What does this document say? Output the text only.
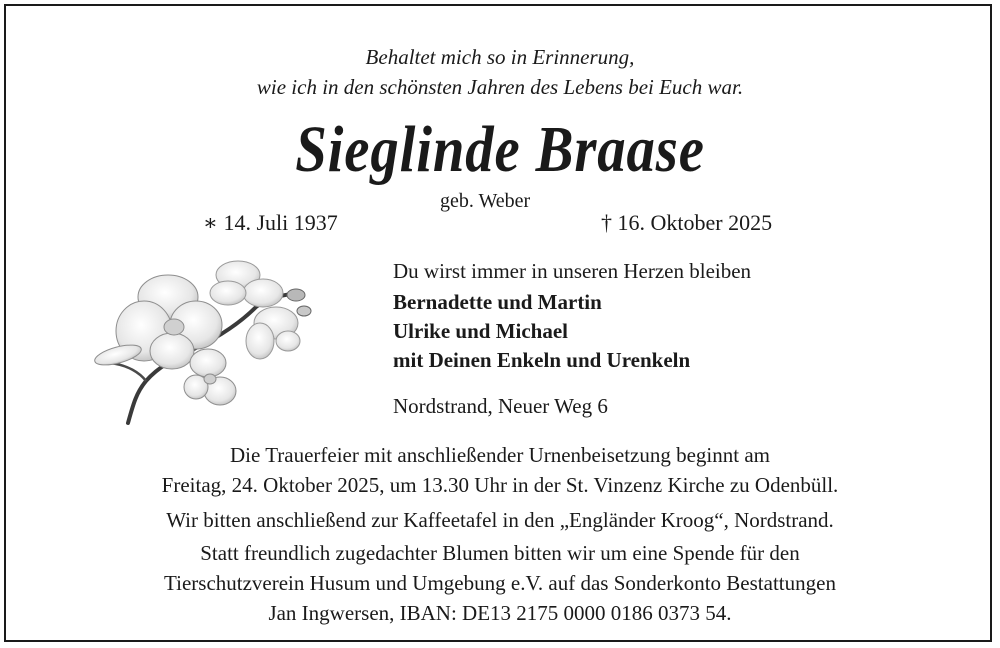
Behaltet mich so in Erinnerung,
wie ich in den schönsten Jahren des Lebens bei Euch war.
Sieglinde Braase
geb. Weber
∗ 14. Juli 1937	† 16. Oktober 2025
Du wirst immer in unseren Herzen bleiben
Bernadette und Martin
Ulrike und Michael
mit Deinen Enkeln und Urenkeln
Nordstrand, Neuer Weg 6
Die Trauerfeier mit anschließender Urnenbeisetzung beginnt am
Freitag, 24. Oktober 2025, um 13.30 Uhr in der St. Vinzenz Kirche zu Odenbüll.
Wir bitten anschließend zur Kaffeetafel in den „Engländer Kroog“, Nordstrand.
Statt freundlich zugedachter Blumen bitten wir um eine Spende für den
Tierschutzverein Husum und Umgebung e.V. auf das Sonderkonto Bestattungen
Jan Ingwersen, IBAN: DE13 2175 0000 0186 0373 54.
